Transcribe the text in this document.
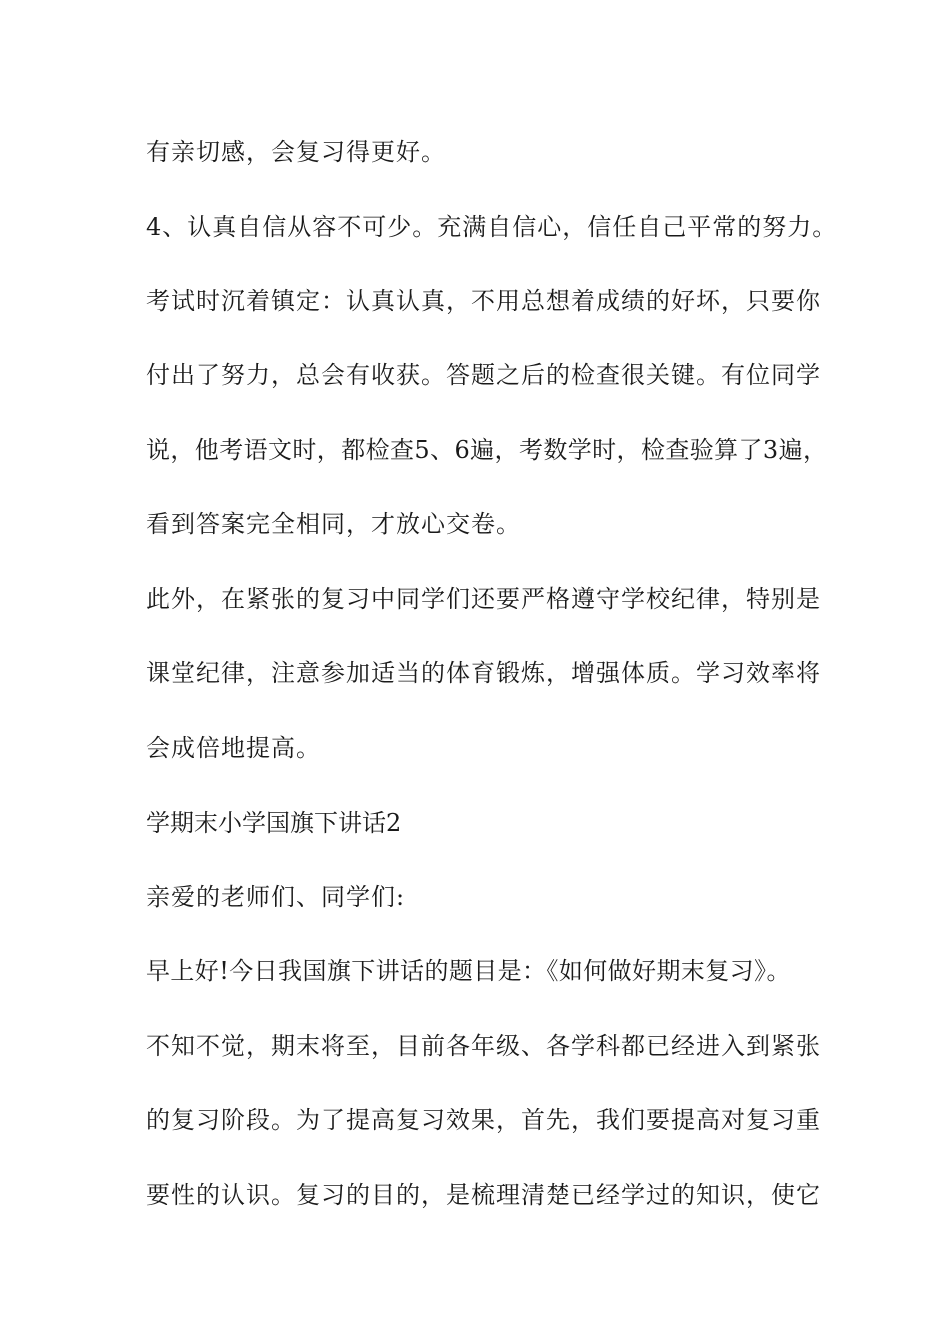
有亲切感，会复习得更好。
4、认真自信从容不可少。充满自信心，信任自己平常的努力。
考试时沉着镇定：认真认真，不用总想着成绩的好坏，只要你
付出了努力，总会有收获。答题之后的检查很关键。有位同学
说，他考语文时，都检查5、6遍，考数学时，检查验算了3遍，
看到答案完全相同，才放心交卷。
此外，在紧张的复习中同学们还要严格遵守学校纪律，特别是
课堂纪律，注意参加适当的体育锻炼，增强体质。学习效率将
会成倍地提高。
学期末小学国旗下讲话2
亲爱的老师们、同学们:
早上好!今日我国旗下讲话的题目是：《如何做好期末复习》。
不知不觉，期末将至，目前各年级、各学科都已经进入到紧张
的复习阶段。为了提高复习效果，首先，我们要提高对复习重
要性的认识。复习的目的，是梳理清楚已经学过的知识，使它
